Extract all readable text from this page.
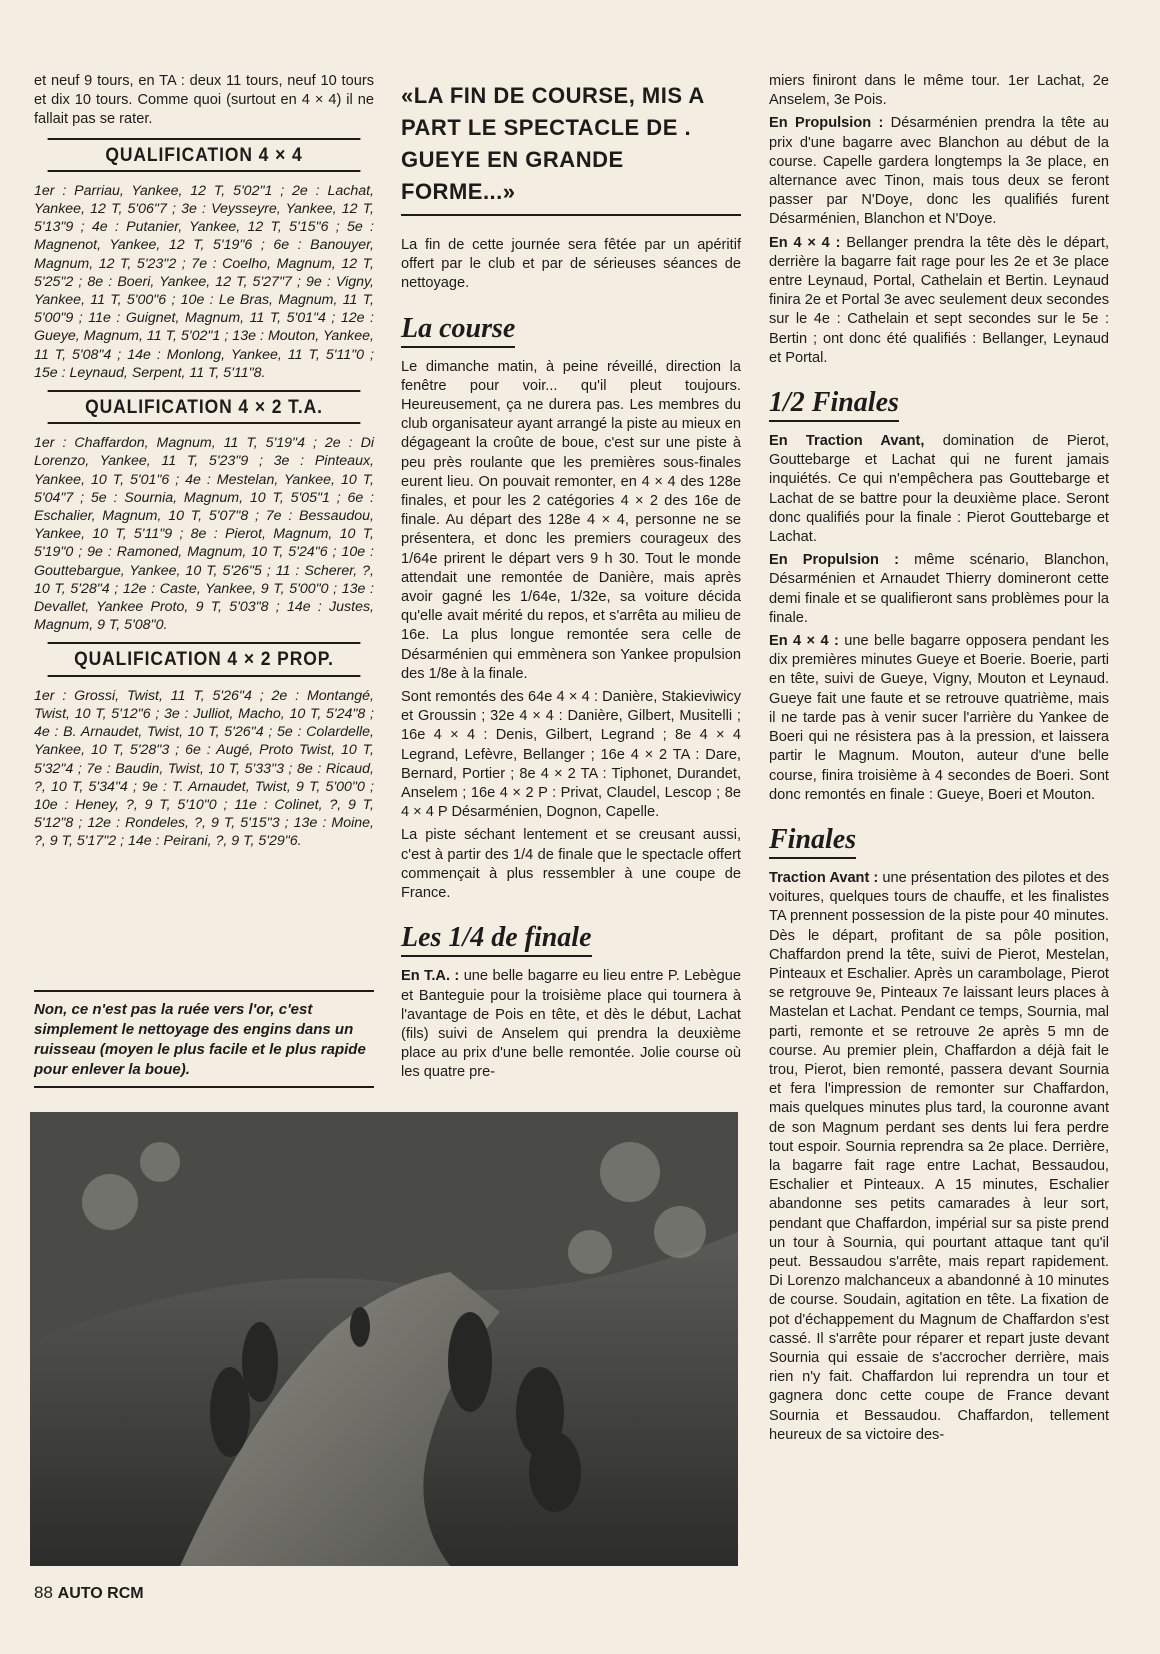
et neuf 9 tours, en TA : deux 11 tours, neuf 10 tours et dix 10 tours. Comme quoi (surtout en 4 × 4) il ne fallait pas se rater.

QUALIFICATION 4 × 4

1er : Parriau, Yankee, 12 T, 5'02"1 ; 2e : Lachat, Yankee, 12 T, 5'06"7 ; 3e : Veysseyre, Yankee, 12 T, 5'13"9 ; 4e : Putanier, Yankee, 12 T, 5'15"6 ; 5e : Magnenot, Yankee, 12 T, 5'19"6 ; 6e : Banouyer, Magnum, 12 T, 5'23"2 ; 7e : Coelho, Magnum, 12 T, 5'25"2 ; 8e : Boeri, Yankee, 12 T, 5'27"7 ; 9e : Vigny, Yankee, 11 T, 5'00"6 ; 10e : Le Bras, Magnum, 11 T, 5'00"9 ; 11e : Guignet, Magnum, 11 T, 5'01"4 ; 12e : Gueye, Magnum, 11 T, 5'02"1 ; 13e : Mouton, Yankee, 11 T, 5'08"4 ; 14e : Monlong, Yankee, 11 T, 5'11"0 ; 15e : Leynaud, Serpent, 11 T, 5'11"8.

QUALIFICATION 4 × 2 T.A.

1er : Chaffardon, Magnum, 11 T, 5'19"4 ; 2e : Di Lorenzo, Yankee, 11 T, 5'23"9 ; 3e : Pinteaux, Yankee, 10 T, 5'01"6 ; 4e : Mestelan, Yankee, 10 T, 5'04"7 ; 5e : Sournia, Magnum, 10 T, 5'05"1 ; 6e : Eschalier, Magnum, 10 T, 5'07"8 ; 7e : Bessaudou, Yankee, 10 T, 5'11"9 ; 8e : Pierot, Magnum, 10 T, 5'19"0 ; 9e : Ramoned, Magnum, 10 T, 5'24"6 ; 10e : Gouttebargue, Yankee, 10 T, 5'26"5 ; 11 : Scherer, ?, 10 T, 5'28"4 ; 12e : Caste, Yankee, 9 T, 5'00"0 ; 13e : Devallet, Yankee Proto, 9 T, 5'03"8 ; 14e : Justes, Magnum, 9 T, 5'08"0.

QUALIFICATION 4 × 2 PROP.

1er : Grossi, Twist, 11 T, 5'26"4 ; 2e : Montangé, Twist, 10 T, 5'12"6 ; 3e : Julliot, Macho, 10 T, 5'24"8 ; 4e : B. Arnaudet, Twist, 10 T, 5'26"4 ; 5e : Colardelle, Yankee, 10 T, 5'28"3 ; 6e : Augé, Proto Twist, 10 T, 5'32"4 ; 7e : Baudin, Twist, 10 T, 5'33"3 ; 8e : Ricaud, ?, 10 T, 5'34"4 ; 9e : T. Arnaudet, Twist, 9 T, 5'00"0 ; 10e : Heney, ?, 9 T, 5'10"0 ; 11e : Colinet, ?, 9 T, 5'12"8 ; 12e : Rondeles, ?, 9 T, 5'15"3 ; 13e : Moine, ?, 9 T, 5'17"2 ; 14e : Peirani, ?, 9 T, 5'29"6.

Non, ce n'est pas la ruée vers l'or, c'est simplement le nettoyage des engins dans un ruisseau (moyen le plus facile et le plus rapide pour enlever la boue).
«LA FIN DE COURSE, MIS A PART LE SPECTACLE DE . GUEYE EN GRANDE FORME...»

La fin de cette journée sera fêtée par un apéritif offert par le club et par de sérieuses séances de nettoyage.

La course

Le dimanche matin, à peine réveillé, direction la fenêtre pour voir... qu'il pleut toujours. Heureusement, ça ne durera pas. Les membres du club organisateur ayant arrangé la piste au mieux en dégageant la croûte de boue, c'est sur une piste à peu près roulante que les premières sous-finales eurent lieu. On pouvait remonter, en 4 × 4 des 128e finales, et pour les 2 catégories 4 × 2 des 16e de finale. Au départ des 128e 4 × 4, personne ne se présentera, et donc les premiers courageux des 1/64e prirent le départ vers 9 h 30. Tout le monde attendait une remontée de Danière, mais après avoir gagné les 1/64e, 1/32e, sa voiture décida qu'elle avait mérité du repos, et s'arrêta au milieu de 16e. La plus longue remontée sera celle de Désarménien qui emmènera son Yankee propulsion des 1/8e à la finale.

Sont remontés des 64e 4 × 4 : Danière, Stakievіwicy et Groussin ; 32e 4 × 4 : Danière, Gilbert, Musitelli ; 16e 4 × 4 : Denis, Gilbert, Legrand ; 8e 4 × 4 Legrand, Lefèvre, Bellanger ; 16e 4 × 2 TA : Dare, Bernard, Portier ; 8e 4 × 2 TA : Tiphonet, Durandet, Anselem ; 16e 4 × 2 P : Privat, Claudel, Lescop ; 8e 4 × 4 P Désarménien, Dognon, Capelle.

La piste séchant lentement et se creusant aussi, c'est à partir des 1/4 de finale que le spectacle offert commençait à plus ressembler à une coupe de France.

Les 1/4 de finale

En T.A. : une belle bagarre eu lieu entre P. Lebègue et Banteguie pour la troisième place qui tournera à l'avantage de Pois en tête, et dès le début, Lachat (fils) suivi de Anselem qui prendra la deuxième place au prix d'une belle remontée. Jolie course où les quatre pre-

miers finiront dans le même tour. 1er Lachat, 2e Anselem, 3e Pois.

En Propulsion : Désarménien prendra la tête au prix d'une bagarre avec Blanchon au début de la course. Capelle gardera longtemps la 3e place, en alternance avec Tinon, mais tous deux se feront passer par N'Doye, donc les qualifiés furent Désarménien, Blanchon et N'Doye.

En 4 × 4 : Bellanger prendra la tête dès le départ, derrière la bagarre fait rage pour les 2e et 3e place entre Leynaud, Portal, Cathelain et Bertin. Leynaud finira 2e et Portal 3e avec seulement deux secondes sur le 4e : Cathelain et sept secondes sur le 5e : Bertin ; ont donc été qualifiés : Bellanger, Leynaud et Portal.

1/2 Finales

En Traction Avant, domination de Pierot, Gouttebarge et Lachat qui ne furent jamais inquiétés. Ce qui n'empêchera pas Gouttebarge et Lachat de se battre pour la deuxième place. Seront donc qualifiés pour la finale : Pierot Gouttebarge et Lachat.

En Propulsion : même scénario, Blanchon, Désarménien et Arnaudet Thierry domineront cette demi finale et se qualifieront sans problèmes pour la finale.

En 4 × 4 : une belle bagarre opposera pendant les dix premières minutes Gueye et Boerie. Boerie, parti en tête, suivi de Gueye, Vigny, Mouton et Leynaud. Gueye fait une faute et se retrouve quatrième, mais il ne tarde pas à venir sucer l'arrière du Yankee de Boeri qui ne résistera pas à la pression, et laissera partir le Magnum. Mouton, auteur d'une belle course, finira troisième à 4 secondes de Boeri. Sont donc remontés en finale : Gueye, Boeri et Mouton.

Finales

Traction Avant : une présentation des pilotes et des voitures, quelques tours de chauffe, et les finalistes TA prennent possession de la piste pour 40 minutes. Dès le départ, profitant de sa pôle position, Chaffardon prend la tête, suivi de Pierot, Mestelan, Pinteaux et Eschalier. Après un carambolage, Pierot se retgrouve 9e, Pinteaux 7e laissant leurs places à Mastelan et Lachat. Pendant ce temps, Sournia, mal parti, remonte et se retrouve 2e après 5 mn de course. Au premier plein, Chaffardon a déjà fait le trou, Pierot, bien remonté, passera devant Sournia et fera l'impression de remonter sur Chaffardon, mais quelques minutes plus tard, la couronne avant de son Magnum perdant ses dents lui fera perdre tout espoir. Sournia reprendra sa 2e place. Derrière, la bagarre fait rage entre Lachat, Bessaudou, Eschalier et Pinteaux. A 15 minutes, Eschalier abandonne ses petits camarades à leur sort, pendant que Chaffardon, impérial sur sa piste prend un tour à Sournia, qui pourtant attaque tant qu'il peut. Bessaudou s'arrête, mais repart rapidement. Di Lorenzo malchanceux a abandonné à 10 minutes de course. Soudain, agitation en tête. La fixation de pot d'échappement du Magnum de Chaffardon s'est cassé. Il s'arrête pour réparer et repart juste devant Sournia qui essaie de s'accrocher derrière, mais rien n'y fait. Chaffardon lui reprendra un tour et gagnera donc cette coupe de France devant Sournia et Bessaudou. Chaffardon, tellement heureux de sa victoire des-

88 AUTO RCM
